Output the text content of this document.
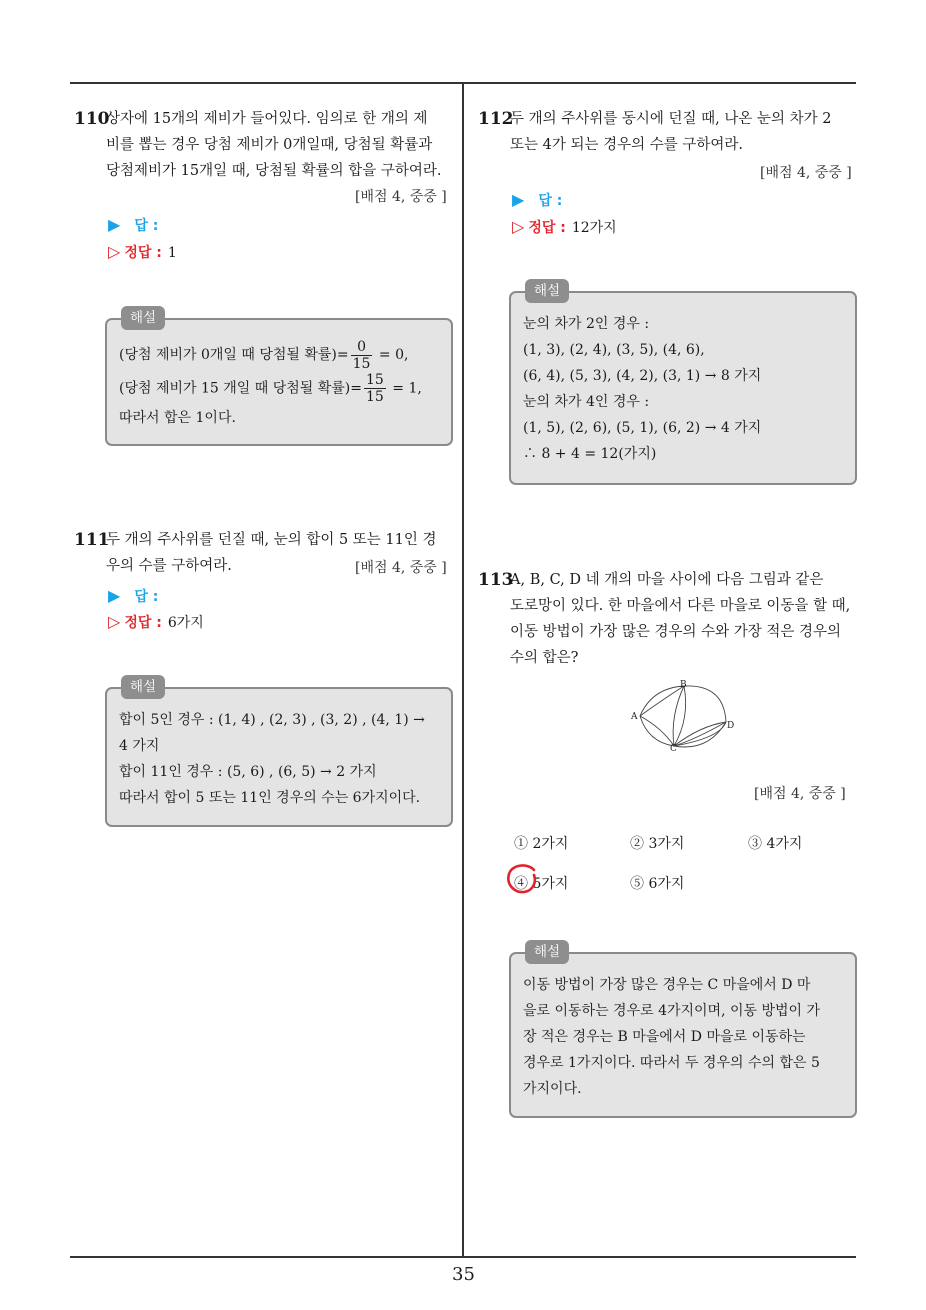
110
상자에 15개의 제비가 들어있다. 임의로 한 개의 제
비를 뽑는 경우 당첨 제비가 0개일때, 당첨될 확률과
당첨제비가 15개일 때, 당첨될 확률의 합을 구하여라.
[배점 4, 중중 ]
▶ 답 :
▷ 정답 : 1
해설
(당첨 제비가 0개일 때 당첨될 확률)= $\frac{0}{15} = 0$,
(당첨 제비가 15 개일 때 당첨될 확률)= $\frac{15}{15} = 1$,
따라서 합은 1이다.
111
두 개의 주사위를 던질 때, 눈의 합이 5 또는 11인 경
우의 수를 구하여라.	[배점 4, 중중 ]
▶ 답 :
▷ 정답 : 6가지
해설
합이 5인 경우 : (1, 4) , (2, 3) , (3, 2) , (4, 1) →
4 가지
합이 11인 경우 : (5, 6) , (6, 5) → 2 가지
따라서 합이 5 또는 11인 경우의 수는 6가지이다.
112
두 개의 주사위를 동시에 던질 때, 나온 눈의 차가 2
또는 4가 되는 경우의 수를 구하여라.
[배점 4, 중중 ]
▶ 답 :
▷ 정답 : 12가지
해설
눈의 차가 2인 경우 :
(1, 3), (2, 4), (3, 5), (4, 6),
(6, 4), (5, 3), (4, 2), (3, 1) → 8 가지
눈의 차가 4인 경우 :
(1, 5), (2, 6), (5, 1), (6, 2) → 4 가지
∴ 8 + 4 = 12(가지)
113
A, B, C, D 네 개의 마을 사이에 다음 그림과 같은
도로망이 있다. 한 마을에서 다른 마을로 이동을 할 때,
이동 방법이 가장 많은 경우의 수와 가장 적은 경우의
수의 합은?
A
B
C
D
[배점 4, 중중 ]
① 2가지	② 3가지	③ 4가지
④ 5가지	⑤ 6가지
해설
이동 방법이 가장 많은 경우는 C 마을에서 D 마
을로 이동하는 경우로 4가지이며, 이동 방법이 가
장 적은 경우는 B 마을에서 D 마을로 이동하는
경우로 1가지이다. 따라서 두 경우의 수의 합은 5
가지이다.
35
